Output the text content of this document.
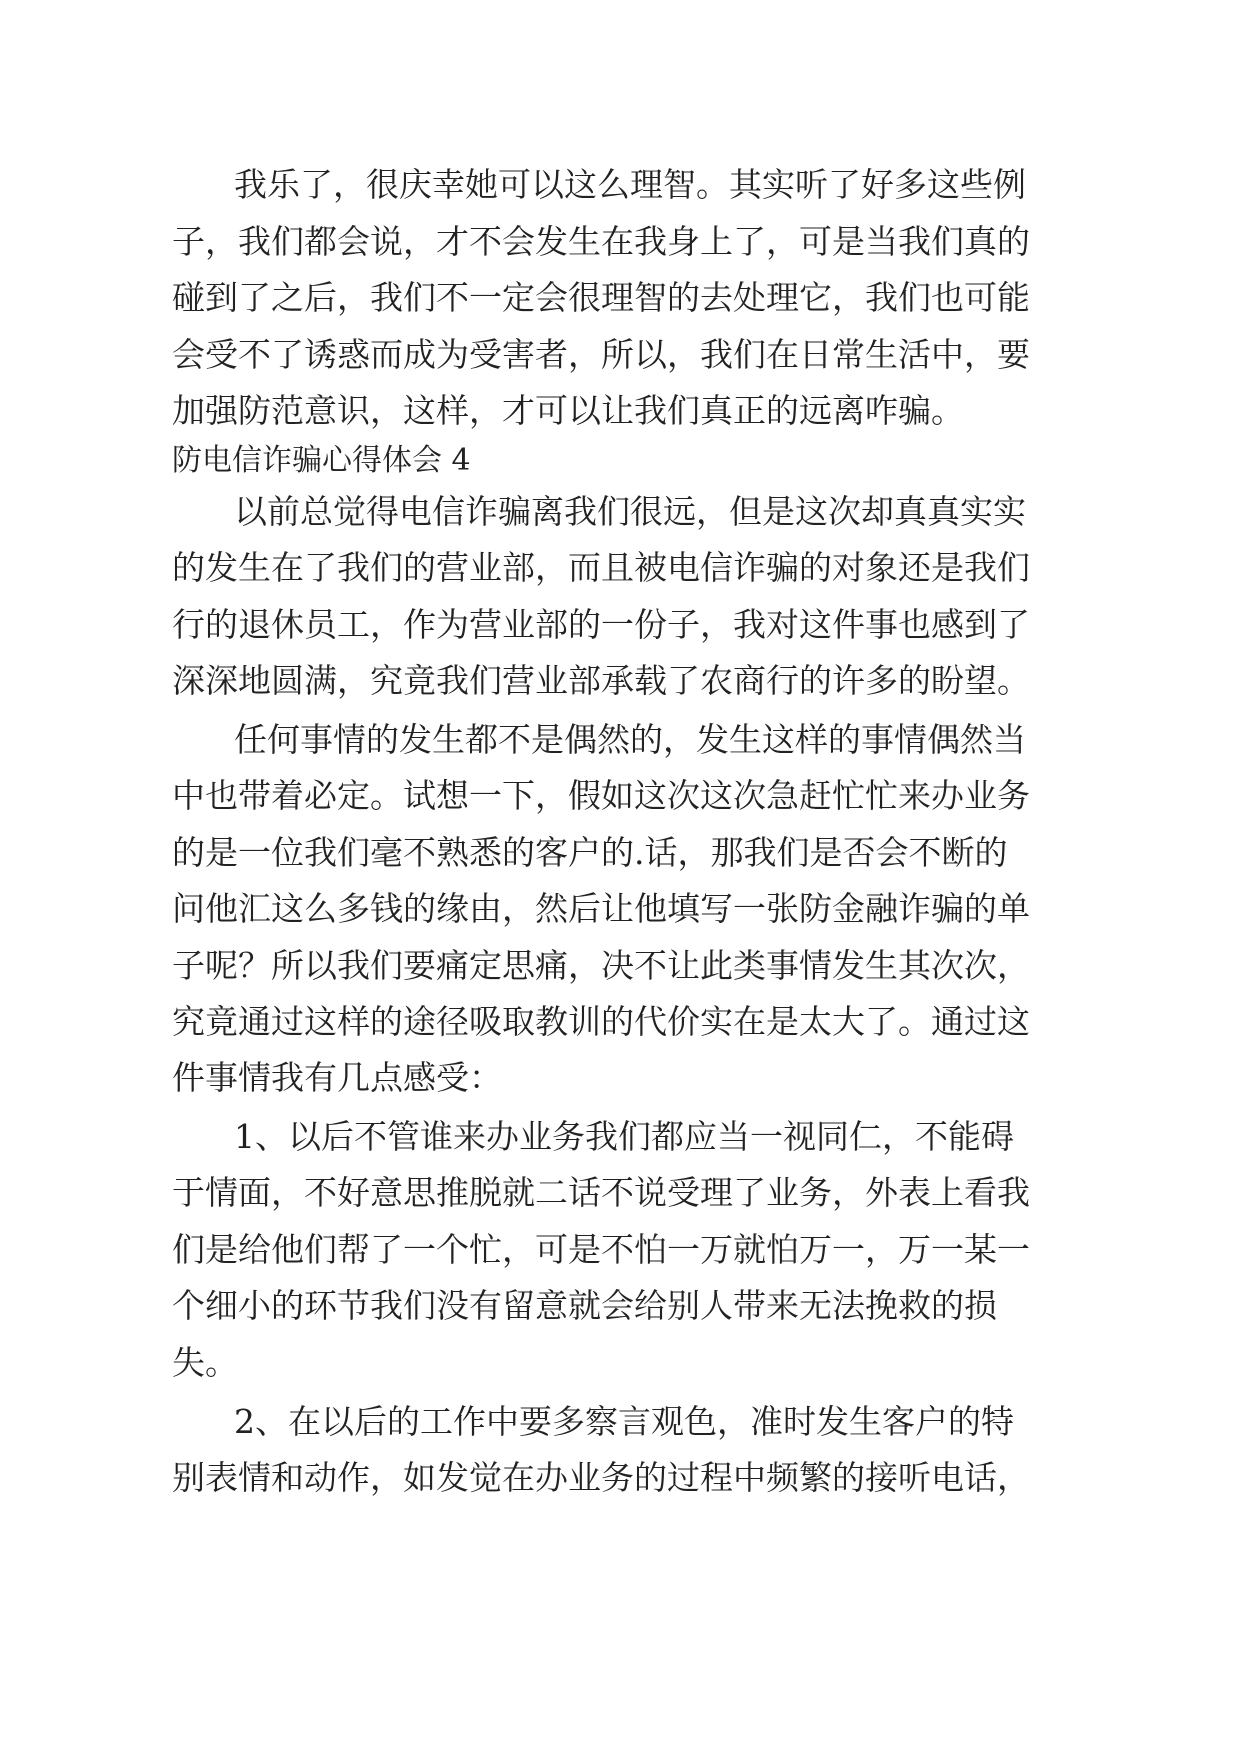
我 乐 了 ， 很 庆 幸 她 可 以 这 么 理 智 。 其 实 听 了 好 多 这 些 例
子 ， 我 们 都 会 说 ， 才 不 会 发 生 在 我 身 上 了 ， 可 是 当 我 们 真 的
碰 到 了 之 后 ， 我 们 不 一 定 会 很 理 智 的 去 处 理 它 ， 我 们 也 可 能
会 受 不 了 诱 惑 而 成 为 受 害 者 ， 所 以 ， 我 们 在 日 常 生 活 中 ， 要
加强防范意识，这样，才可以让我们真正的远离咋骗。
防电信诈骗心得体会 4
以 前 总 觉 得 电 信 诈 骗 离 我 们 很 远 ， 但 是 这 次 却 真 真 实 实
的 发 生 在 了 我 们 的 营 业 部 ， 而 且 被 电 信 诈 骗 的 对 象 还 是 我 们
行 的 退 休 员 工 ， 作 为 营 业 部 的 一 份 子 ， 我 对 这 件 事 也 感 到 了
深 深 地 圆 满 ， 究 竟 我 们 营 业 部 承 载 了 农 商 行 的 许 多 的 盼 望 。
任 何 事 情 的 发 生 都 不 是 偶 然 的 ， 发 生 这 样 的 事 情 偶 然 当
中 也 带 着 必 定 。 试 想 一 下 ， 假 如 这 次 这 次 急 赶 忙 忙 来 办 业 务
的 是 一 位 我 们 毫 不 熟 悉 的 客 户 的 . 话 ， 那 我 们 是 否 会 不 断 的
问 他 汇 这 么 多 钱 的 缘 由 ， 然 后 让 他 填 写 一 张 防 金 融 诈 骗 的 单
子 呢 ？ 所 以 我 们 要 痛 定 思 痛 ， 决 不 让 此 类 事 情 发 生 其 次 次 ，
究 竟 通 过 这 样 的 途 径 吸 取 教 训 的 代 价 实 在 是 太 大 了 。 通 过 这
件事情我有几点感受：
1 、 以 后 不 管 谁 来 办 业 务 我 们 都 应 当 一 视 同 仁 ， 不 能 碍
于 情 面 ， 不 好 意 思 推 脱 就 二 话 不 说 受 理 了 业 务 ， 外 表 上 看 我
们 是 给 他 们 帮 了 一 个 忙 ， 可 是 不 怕 一 万 就 怕 万 一 ， 万 一 某 一
个 细 小 的 环 节 我 们 没 有 留 意 就 会 给 别 人 带 来 无 法 挽 救 的 损
失。
2 、 在 以 后 的 工 作 中 要 多 察 言 观 色 ， 准 时 发 生 客 户 的 特
别 表 情 和 动 作 ， 如 发 觉 在 办 业 务 的 过 程 中 频 繁 的 接 听 电 话 ，
